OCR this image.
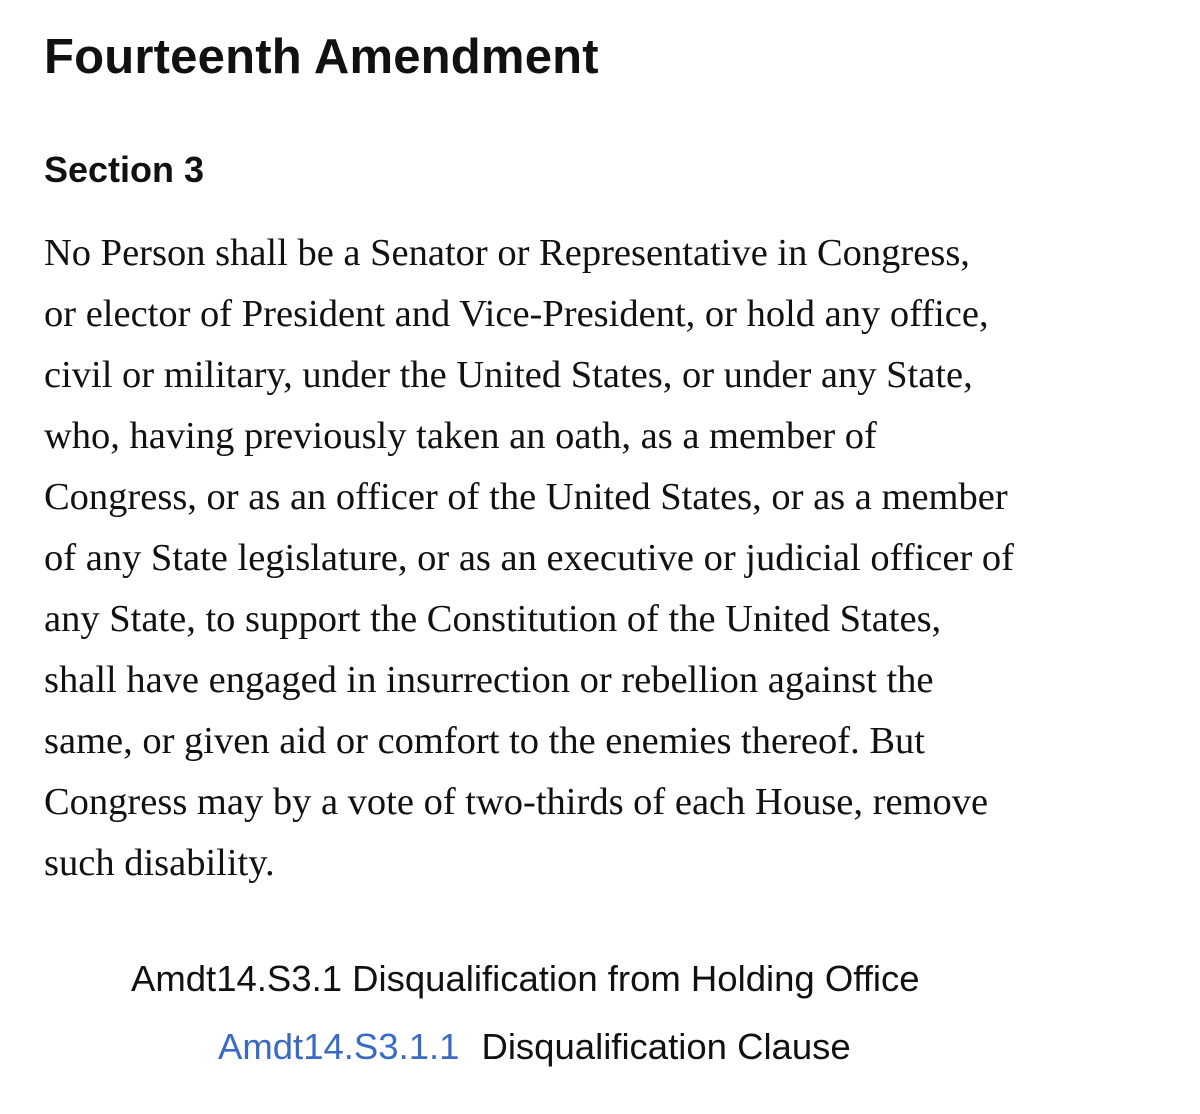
Fourteenth Amendment
Section 3

No Person shall be a Senator or Representative in Congress,
or elector of President and Vice-President, or hold any office,
civil or military, under the United States, or under any State,
who, having previously taken an oath, as a member of
Congress, or as an officer of the United States, or as a member
of any State legislature, or as an executive or judicial officer of
any State, to support the Constitution of the United States,
shall have engaged in insurrection or rebellion against the
same, or given aid or comfort to the enemies thereof. But
Congress may by a vote of two-thirds of each House, remove
such disability.

Amdt14.S3.1 Disqualification from Holding Office
Amdt14.S3.1.1 Disqualification Clause
